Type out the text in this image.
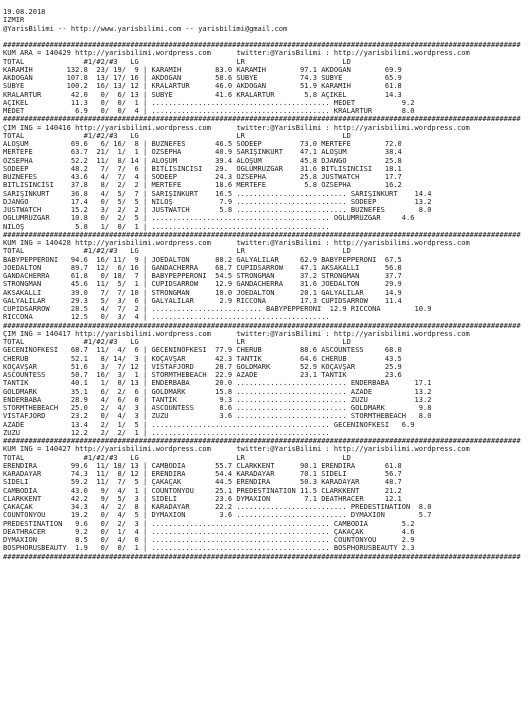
19.08.2018
IZMIR
@YarisBilimi -- http://www.yarisbilimi.com -- yarisbilimi@gmail.com
##########################################################################################################################
KUM ARA = 140429 http://yarisbilimi.wordpress.com      twitter:@YarisBilimi : http://yarisbilimi.wordpress.com
TOTAL              #1/#2/#3   LG                       LR                       LD
KARAMIH        132.8  23/ 19/  9 | KARAMIH        83.0 KARAMIH        97.1 AKDOĞAN        69.9
AKDOĞAN        107.8  13/ 17/ 16 | AKDOĞAN        58.6 SÜBYE          74.3 SÜBYE          65.9
SÜBYE          100.2  16/ 13/ 12 | KRALARTUR      46.0 AKDOĞAN        51.9 KARAMIH        61.8
KRALARTUR       42.0   0/  6/ 13 | SÜBYE          41.6 KRALARTUR       5.8 AÇIKEL         14.3
AÇIKEL          11.3   0/  0/  1 | .......................................... MEDET           9.2
MEDET            6.9   0/  0/  4 | .......................................... KRALARTUR       8.0
##########################################################################################################################
ÇIM ING = 140416 http://yarisbilimi.wordpress.com      twitter:@YarisBilimi : http://yarisbilimi.wordpress.com
TOTAL              #1/#2/#3   LG                       LR                       LD
ALOŞUM          69.6   6/ 16/  8 | BUZNEFES       46.5 SODEEP         73.0 MERTEFE        72.0
MERTEFE         63.7  21/  1/  1 | ÖZSEPHA        40.9 SARIŞINKURT    47.1 ALOŞUM         38.4
ÖZSEPHA         52.2  11/  8/ 14 | ALOŞUM         39.4 ALOŞUM         45.8 DJANGO         25.8
SODEEP          48.2   7/  7/  6 | BİTLİSİNCİSİ   29.  OĞLUMRÜZGAR    31.6 BİTLİSİNCİSİ   18.1
BUZNEFES        43.6   4/  7/  4 | SODEEP         24.3 ÖZSEPHA        25.8 JUSTWATCH      17.7
BİTLİSİNCİSİ    37.8   8/  2/  2 | MERTEFE        18.6 MERTEFE         5.8 ÖZSEPHA        16.2
SARIŞINKURT     36.8   4/  5/  7 | SARIŞINKURT    16.5 .......................... SARIŞINKURT    14.4
DJANGO          17.4   0/  5/  5 | NİLOŞ           7.9 .......................... SODEEP         13.2
JUSTWATCH       15.2   3/  2/  2 | JUSTWATCH       5.8 .......................... BUZNEFES        8.0
OĞLUMRÜZGAR     10.8   0/  2/  5 | .......................................... OĞLUMRÜZGAR     4.6
NİLOŞ            5.8   1/  0/  1 | ..........................................
##########################################################################################################################
KUM ING = 140428 http://yarisbilimi.wordpress.com      twitter:@YarisBilimi : http://yarisbilimi.wordpress.com
TOTAL              #1/#2/#3   LG                       LR                       LD
BABYPEPPERONI   94.6  16/ 11/  9 | JOEDALTON      80.2 GALYALILAR     62.9 BABYPEPPERONI  67.5
JOEDALTON       89.7  12/  6/ 16 | GANDACHERRA    68.7 CUPIDSARROW    47.1 AKSAKALLI      56.8
GANDACHERRA     61.8   0/ 18/  7 | BABYPEPPERONI  54.5 STRONGMAN      37.2 STRONGMAN      37.7
STRONGMAN       45.6  11/  5/  1 | CUPIDSARROW    12.9 GANDACHERRA    31.6 JOEDALTON      29.9
AKSAKALLI       39.0   7/  7/ 10 | STRONGMAN      10.0 JOEDALTON      20.1 GALYALILAR     14.9
GALYALILAR      29.3   5/  3/  6 | GALYALILAR      2.9 RICCONA        17.3 CUPIDSARROW    11.4
CUPIDSARROW     28.5   4/  7/  2 | .......................... BABYPEPPERONI  12.9 RICCONA        10.9
RICCONA         12.5   0/  3/  4 | ..........................................
##########################################################################################################################
ÇIM ING = 140417 http://yarisbilimi.wordpress.com      twitter:@YarisBilimi : http://yarisbilimi.wordpress.com
TOTAL              #1/#2/#3   LG                       LR                       LD
GECENİNÖFKESİ   68.7  11/  4/  6 | GECENİNÖFKESİ  77.9 CHERUB         88.6 ASCOUNTESS     68.0
CHERUB          52.1   8/ 14/  3 | KOÇAVŞAR       42.3 TANTİK         64.6 CHERUB         43.5
KOÇAVŞAR        51.6   3/  7/ 12 | VISTAFJORD     28.7 GOLDMARK       52.9 KOÇAVŞAR       25.9
ASCOUNTESS      50.7  16/  3/  1 | STORMTHEBEACH  22.9 AZADE          23.1 TANTİK         23.6
TANTİK          40.1   1/  8/ 13 | ENDERBABA      20.0 .......................... ENDERBABA      17.1
GOLDMARK        35.1   6/  2/  6 | GOLDMARK       15.8 .......................... AZADE          13.2
ENDERBABA       28.9   4/  6/  0 | TANTİK          9.3 .......................... ZUZU           13.2
STORMTHEBEACH   25.0   2/  4/  3 | ASCOUNTESS      8.6 .......................... GOLDMARK        9.8
VISTAFJORD      23.2   0/  4/  3 | ZUZU            3.6 .......................... STORMTHEBEACH   8.0
AZADE           13.4   2/  1/  5 | .......................................... GECENİNÖFKESİ   6.9
ZUZU            12.2   2/  2/  1 | ..........................................
##########################################################################################################################
KUM ING = 140427 http://yarisbilimi.wordpress.com      twitter:@YarisBilimi : http://yarisbilimi.wordpress.com
TOTAL              #1/#2/#3   LG                       LR                       LD
ERENDIRA        99.6  11/ 18/ 13 | CAMBODIA       55.7 CLARKKENT      90.1 ERENDIRA       61.8
KARADAYAR       74.3  11/  8/ 12 | ERENDIRA       54.4 KARADAYAR      70.1 SİDELİ         56.7
SİDELİ          59.2  11/  7/  5 | ÇAKAÇAK        44.5 ERENDIRA       50.3 KARADAYAR      48.7
CAMBODIA        43.0   9/  4/  1 | COUNTONYOU     25.1 PREDESTINATION 11.5 CLARKKENT      21.2
CLARKKENT       42.2   9/  5/  3 | SİDELİ         23.6 DYMAXION        7.1 DEATHRACER     12.1
ÇAKAÇAK         34.3   4/  2/  8 | KARADAYAR      22.2 .......................... PREDESTINATION  8.0
COUNTONYOU      19.2   0/  4/  5 | DYMAXION        3.6 .......................... DYMAXION        5.7
PREDESTINATION   9.6   0/  2/  3 | .......................................... CAMBODIA        5.2
DEATHRACER       9.2   0/  1/  4 | .......................................... ÇAKAÇAK         4.6
DYMAXION         8.5   0/  4/  0 | .......................................... COUNTONYOU      2.9
BOSPHORUSBEAUTY  1.9   0/  0/  1 | .......................................... BOSPHORUSBEAUTY 2.3
##########################################################################################################################
